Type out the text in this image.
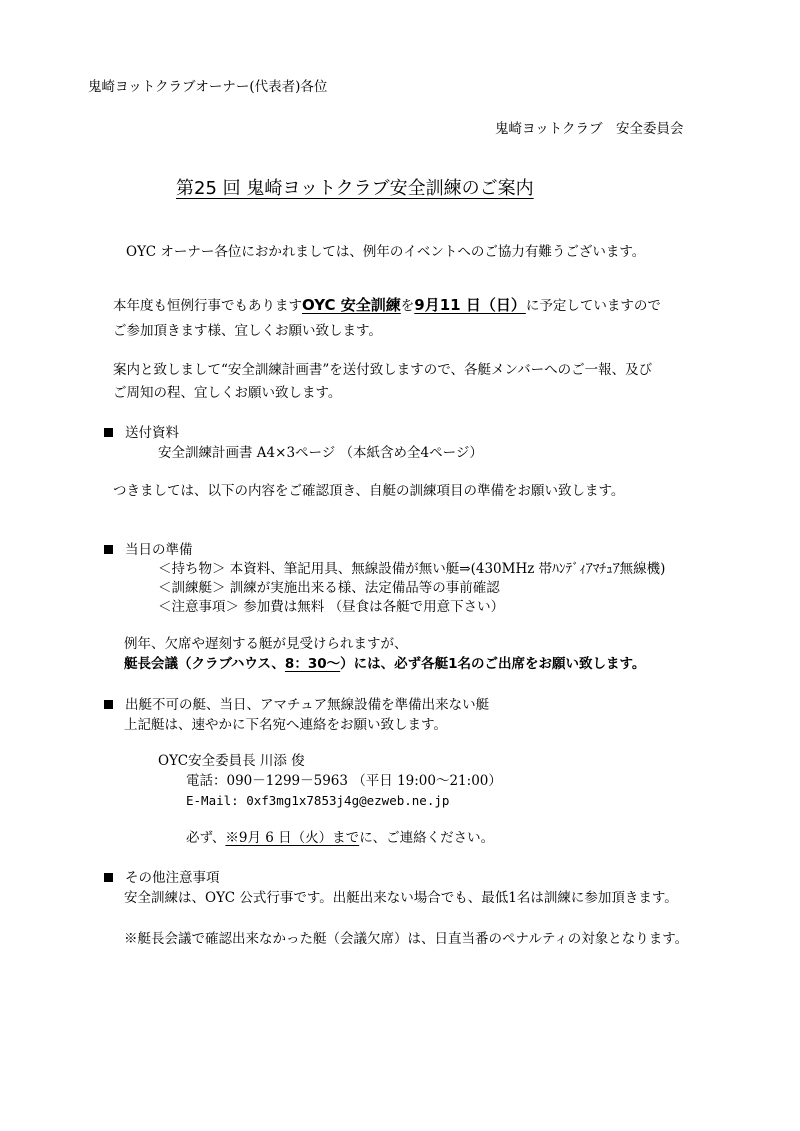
鬼崎ヨットクラブオーナー(代表者)各位
鬼崎ヨットクラブ　安全委員会
第25 回 鬼崎ヨットクラブ安全訓練のご案内
OYC オーナー各位におかれましては、例年のイベントへのご協力有難うございます。
本年度も恒例行事でもありますOYC 安全訓練を9月11 日（日）に予定していますので
ご参加頂きます様、宜しくお願い致します。
案内と致しまして“安全訓練計画書”を送付致しますので、各艇メンバーへのご一報、及び
ご周知の程、宜しくお願い致します。
送付資料
安全訓練計画書 A4×3ページ （本紙含め全4ページ）
つきましては、以下の内容をご確認頂き、自艇の訓練項目の準備をお願い致します。
当日の準備
＜持ち物＞ 本資料、筆記用具、無線設備が無い艇⇒(430MHz 帯ﾊﾝﾃﾞｨｱﾏﾁｭｱ無線機)
＜訓練艇＞ 訓練が実施出来る様、法定備品等の事前確認
＜注意事項＞ 参加費は無料 （昼食は各艇で用意下さい）
例年、欠席や遅刻する艇が見受けられますが、
艇長会議（クラブハウス、8：30～）には、必ず各艇1名のご出席をお願い致します。
出艇不可の艇、当日、アマチュア無線設備を準備出来ない艇
上記艇は、速やかに下名宛へ連絡をお願い致します。
OYC安全委員長 川添 俊
電話：090－1299－5963 （平日 19:00～21:00）
E-Mail: 0xf3mg1x7853j4g@ezweb.ne.jp
必ず、※9月 6 日（火）までに、ご連絡ください。
その他注意事項
安全訓練は、OYC 公式行事です。出艇出来ない場合でも、最低1名は訓練に参加頂きます。
※艇長会議で確認出来なかった艇（会議欠席）は、日直当番のペナルティの対象となります。
